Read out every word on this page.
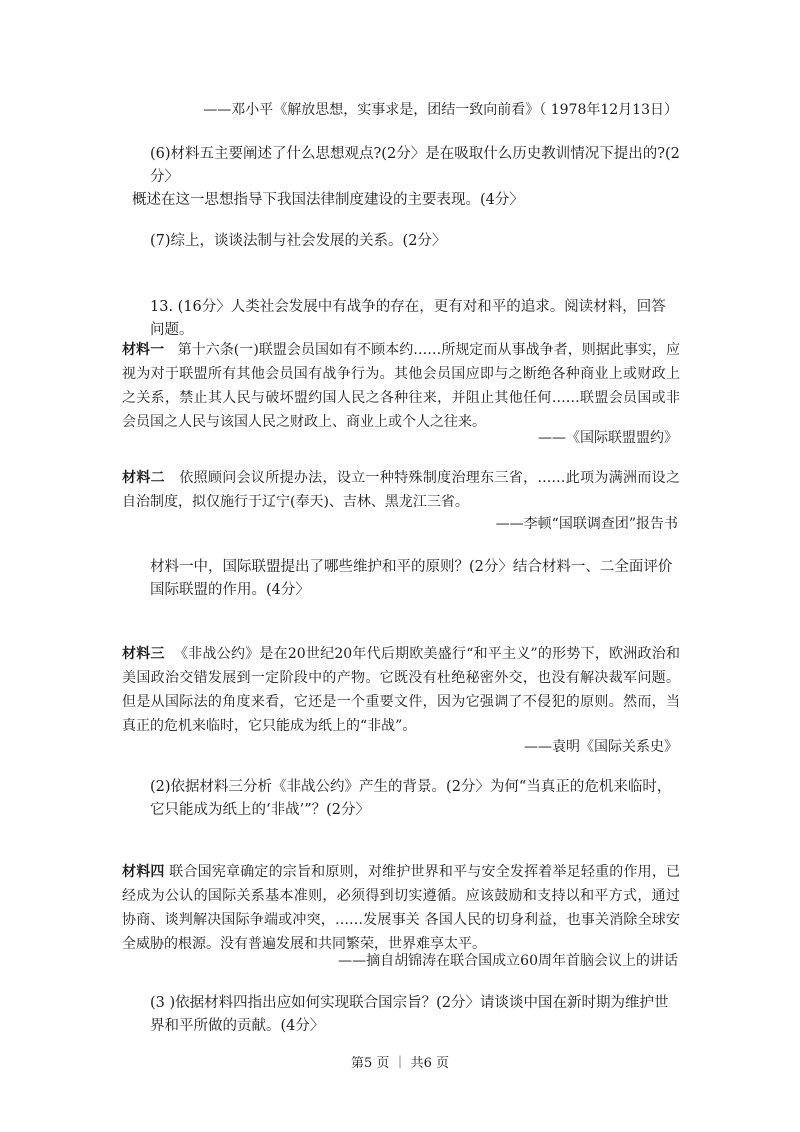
——邓小平《解放思想，实事求是，团结一致向前看》（ 1978年12月13日）

(6)材料五主要阐述了什么思想观点?(2分〉是在吸取什么历史教训情况下提出的?(2分〉
概述在这一思想指导下我国法律制度建设的主要表现。(4分〉
(7)综上，谈谈法制与社会发展的关系。(2分〉
13. (16分〉人类社会发展中有战争的存在，更有对和平的追求。阅读材料，回答问题。

材料一 第十六条(一)联盟会员国如有不顾本约……所规定而从事战争者，则据此事实，应视为对于联盟所有其他会员国有战争行为。其他会员国应即与之断绝各种商业上或财政上之关系，禁止其人民与破坏盟约国人民之各种往来，并阻止其他任何……联盟会员国或非会员国之人民与该国人民之财政上、商业上或个人之往来。

——《国际联盟盟约》

材料二 依照顾问会议所提办法，设立一种特殊制度治理东三省，……此项为满洲而设之自治制度，拟仅施行于辽宁(奉天)、吉林、黑龙江三省。

——李顿“国联调查团”报告书

材料一中，国际联盟提出了哪些维护和平的原则？(2分〉结合材料一、二全面评价国际联盟的作用。(4分〉

材料三 《非战公约》是在20世纪20年代后期欧美盛行“和平主义”的形势下，欧洲政治和 美国政治交错发展到一定阶段中的产物。它既没有杜绝秘密外交，也没有解决裁军问题。但是从国际法的角度来看，它还是一个重要文件，因为它强调了不侵犯的原则。然而，当真正的危机来临时，它只能成为纸上的“非战”。

——袁明《国际关系史》

(2)依据材料三分析《非战公约》产生的背景。(2分〉为何“当真正的危机来临时， 它只能成为纸上的‘非战’”？(2分〉

材料四 联合国宪章确定的宗旨和原则，对维护世界和平与安全发挥着举足轻重的作用，已经成为公认的国际关系基本准则，必须得到切实遵循。应该鼓励和支持以和平方式，通过协商、谈判解决国际争端或冲突，……发展事关 各国人民的切身利益，也事关消除全球安全威胁的根源。没有普遍发展和共同繁荣，世界难享太平。

——摘自胡锦涛在联合国成立60周年首脑会议上的讲话

(3 )依据材料四指出应如何实现联合国宗旨？(2分〉请谈谈中国在新时期为维护世界和平所做的贡献。(4分〉
第5 页 ｜ 共6 页
